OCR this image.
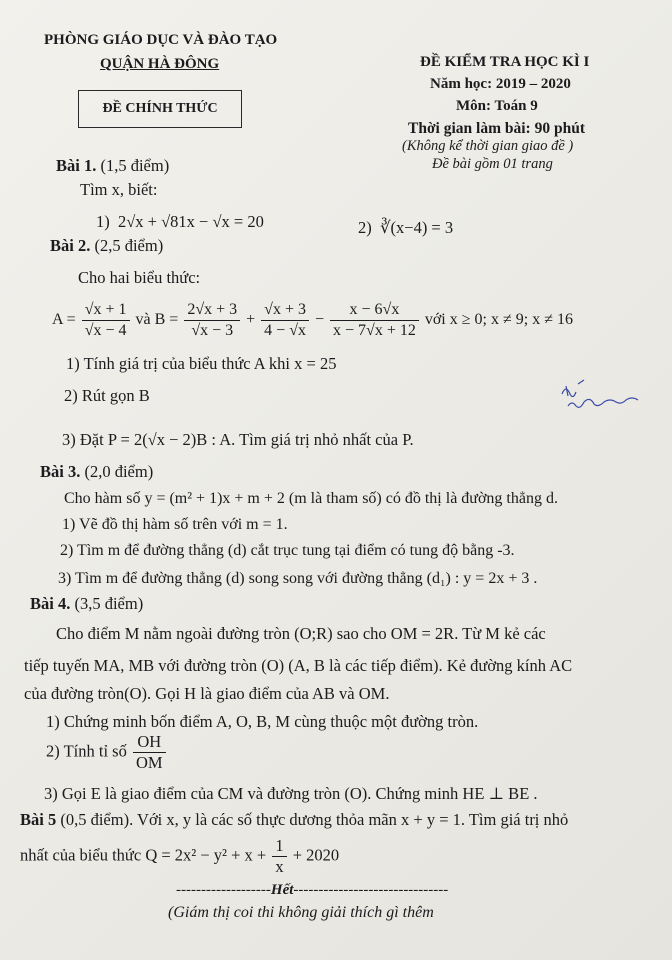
PHÒNG GIÁO DỤC VÀ ĐÀO TẠO
QUẬN HÀ ĐÔNG
ĐỀ CHÍNH THỨC
ĐỀ KIỂM TRA HỌC KÌ I
Năm học: 2019 – 2020
Môn: Toán 9
Thời gian làm bài: 90 phút
(Không kể thời gian giao đề )
Đề bài gồm 01 trang
Bài 1. (1,5 điểm)
Tìm x, biết:
1) 2√x + √81x − √x = 20	2) ∛(x−4) = 3
Bài 2. (2,5 điểm)
Cho hai biểu thức:
$A = \frac{√x + 1}{√x - 4}$ và $B = \frac{2√x + 3}{√x - 3} + \frac{√x + 3}{4 - √x} - \frac{x - 6√x}{x - 7√x + 12}$ với x ≥ 0; x ≠ 9; x ≠ 16
1) Tính giá trị của biểu thức A khi x = 25
2) Rút gọn B
3) Đặt P = 2(√x − 2)B : A. Tìm giá trị nhỏ nhất của P.
Bài 3. (2,0 điểm)
Cho hàm số y = (m² + 1)x + m + 2 (m là tham số) có đồ thị là đường thẳng d.
1) Vẽ đồ thị hàm số trên với m = 1.
2) Tìm m để đường thẳng (d) cắt trục tung tại điểm có tung độ bằng -3.
3) Tìm m để đường thẳng (d) song song với đường thẳng (d₁) : y = 2x + 3 .
Bài 4. (3,5 điểm)
Cho điểm M nằm ngoài đường tròn (O;R) sao cho OM = 2R. Từ M kẻ các
tiếp tuyến MA, MB với đường tròn (O) (A, B là các tiếp điểm). Kẻ đường kính AC
của đường tròn(O). Gọi H là giao điểm của AB và OM.
1) Chứng minh bốn điểm A, O, B, M cùng thuộc một đường tròn.
2) Tính tỉ số $\frac{OH}{OM}$
3) Gọi E là giao điểm của CM và đường tròn (O). Chứng minh HE ⊥ BE .
Bài 5 (0,5 điểm). Với x, y là các số thực dương thỏa mãn x + y = 1. Tìm giá trị nhỏ
nhất của biểu thức $Q = 2x^2 - y^2 + x + \frac{1}{x} + 2020$
-------------------Hết-------------------------------
(Giám thị coi thi không giải thích gì thêm
